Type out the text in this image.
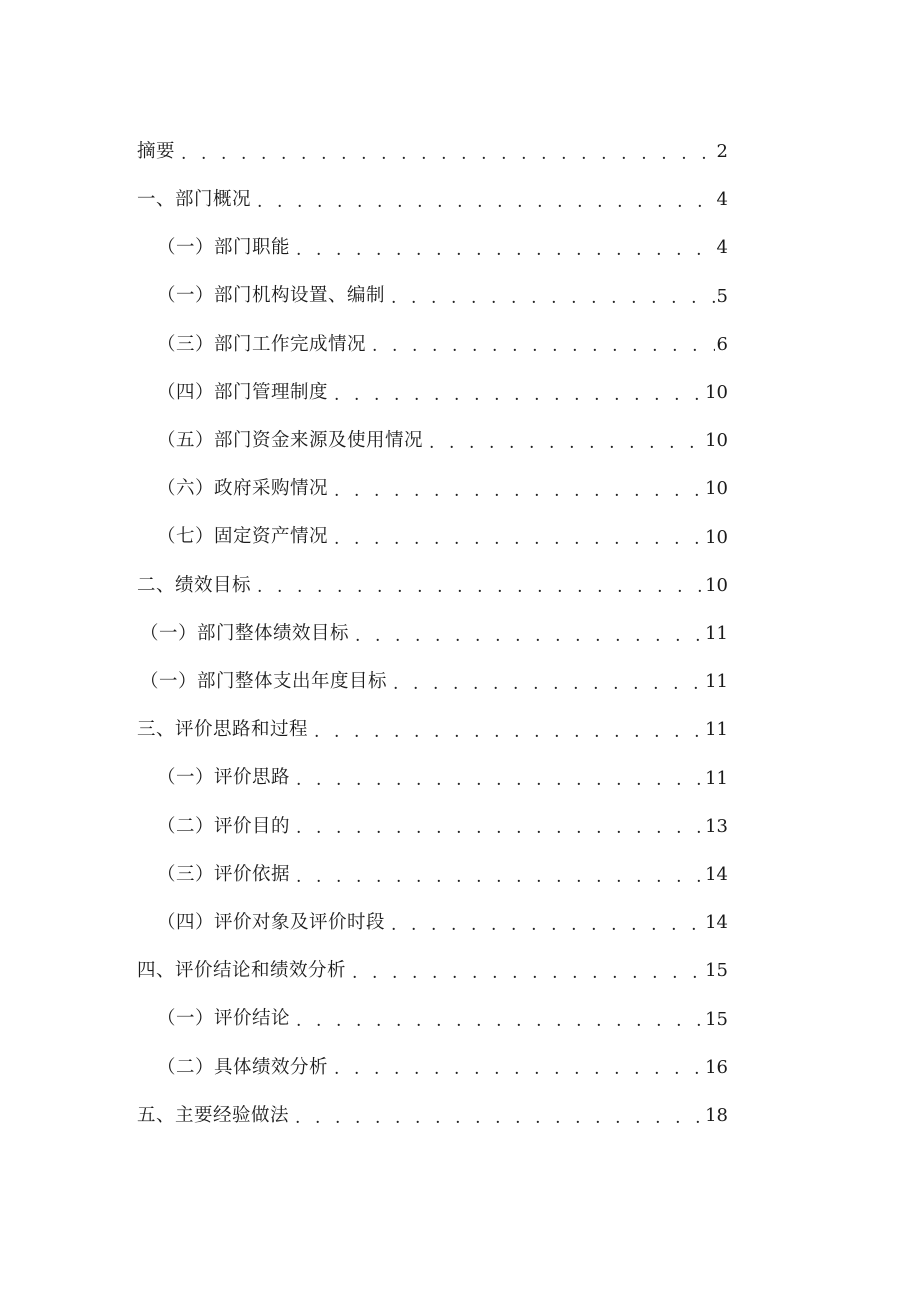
摘要 . . .	2
一、部门概况 . . .	4
（一）部门职能 . . .	4
（一）部门机构设置、编制 . . .	5
（三）部门工作完成情况 . . .	6
（四）部门管理制度 . . .	10
（五）部门资金来源及使用情况 . . .	10
（六）政府采购情况 . . .	10
（七）固定资产情况 . . .	10
二、绩效目标 . . .	10
（一）部门整体绩效目标 . . .	11
（一）部门整体支出年度目标 . . .	11
三、评价思路和过程 . . .	11
（一）评价思路 . . .	11
（二）评价目的 . . .	13
（三）评价依据 . . .	14
（四）评价对象及评价时段 . . .	14
四、评价结论和绩效分析 . . .	15
（一）评价结论 . . .	15
（二）具体绩效分析 . . .	16
五、主要经验做法 . . .	18
